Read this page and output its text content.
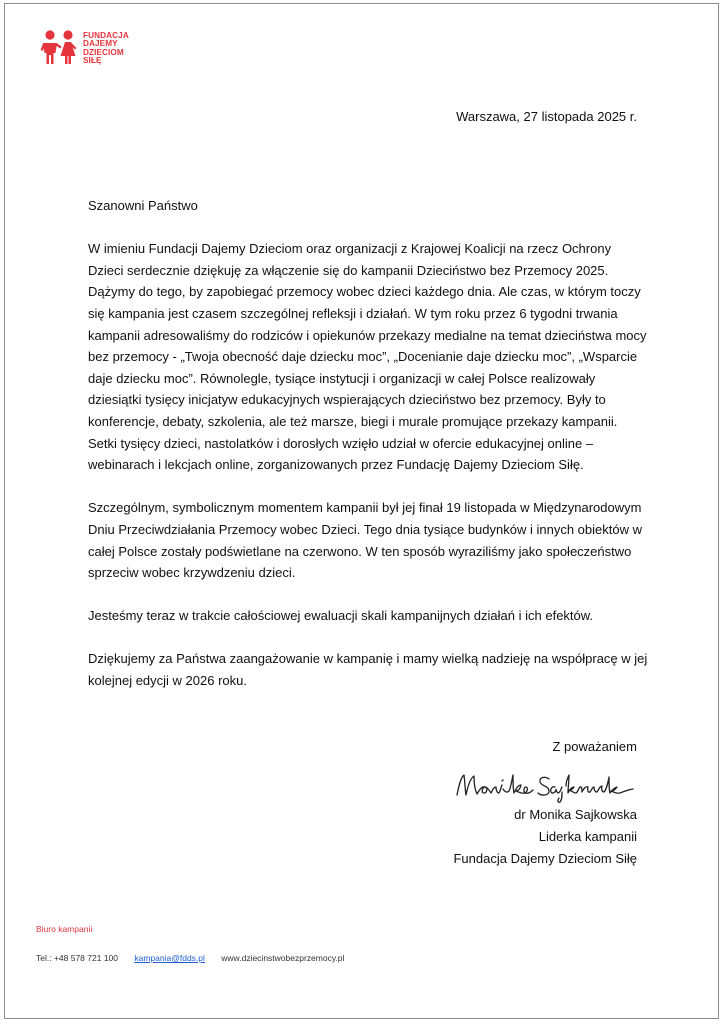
FUNDACJA
DAJEMY
DZIECIOM
SIŁĘ
Warszawa, 27 listopada 2025 r.

Szanowni Państwo

W imieniu Fundacji Dajemy Dzieciom oraz organizacji z Krajowej Koalicji na rzecz Ochrony Dzieci serdecznie dziękuję za włączenie się do kampanii Dzieciństwo bez Przemocy 2025. Dążymy do tego, by zapobiegać przemocy wobec dzieci każdego dnia. Ale czas, w którym toczy się kampania jest czasem szczególnej refleksji i działań. W tym roku przez 6 tygodni trwania kampanii adresowaliśmy do rodziców i opiekunów przekazy medialne na temat dzieciństwa mocy bez przemocy - „Twoja obecność daje dziecku moc”, „Docenianie daje dziecku moc”, „Wsparcie daje dziecku moc”. Równolegle, tysiące instytucji i organizacji w całej Polsce realizowały dziesiątki tysięcy inicjatyw edukacyjnych wspierających dzieciństwo bez przemocy. Były to konferencje, debaty, szkolenia, ale też marsze, biegi i murale promujące przekazy kampanii. Setki tysięcy dzieci, nastolatków i dorosłych wzięło udział w ofercie edukacyjnej online – webinarach i lekcjach online, zorganizowanych przez Fundację Dajemy Dzieciom Siłę.

Szczególnym, symbolicznym momentem kampanii był jej finał 19 listopada w Międzynarodowym Dniu Przeciwdziałania Przemocy wobec Dzieci. Tego dnia tysiące budynków i innych obiektów w całej Polsce zostały podświetlane na czerwono. W ten sposób wyraziliśmy jako społeczeństwo sprzeciw wobec krzywdzeniu dzieci.

Jesteśmy teraz w trakcie całościowej ewaluacji skali kampanijnych działań i ich efektów.

Dziękujemy za Państwa zaangażowanie w kampanię i mamy wielką nadzieję na współpracę w jej kolejnej edycji w 2026 roku.

Z poważaniem
dr Monika Sajkowska
Liderka kampanii
Fundacja Dajemy Dzieciom Siłę
Biuro kampanii
Tel.: +48 578 721 100 kampania@fdds.pl www.dziecinstwobezprzemocy.pl
